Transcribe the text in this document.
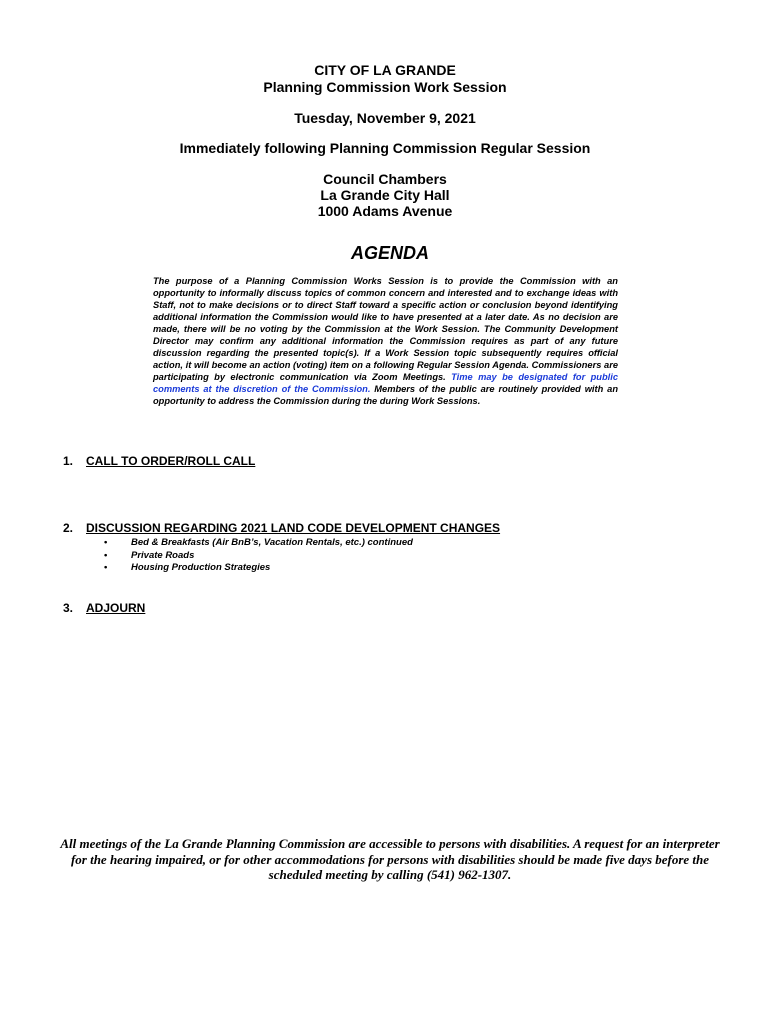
CITY OF LA GRANDE
Planning Commission Work Session
Tuesday, November 9, 2021
Immediately following Planning Commission Regular Session
Council Chambers
La Grande City Hall
1000 Adams Avenue
AGENDA
The purpose of a Planning Commission Works Session is to provide the Commission with an opportunity to informally discuss topics of common concern and interested and to exchange ideas with Staff, not to make decisions or to direct Staff toward a specific action or conclusion beyond identifying additional information the Commission would like to have presented at a later date. As no decision are made, there will be no voting by the Commission at the Work Session. The Community Development Director may confirm any additional information the Commission requires as part of any future discussion regarding the presented topic(s). If a Work Session topic subsequently requires official action, it will become an action (voting) item on a following Regular Session Agenda. Commissioners are participating by electronic communication via Zoom Meetings. Time may be designated for public comments at the discretion of the Commission. Members of the public are routinely provided with an opportunity to address the Commission during the during Work Sessions.
1. CALL TO ORDER/ROLL CALL
2. DISCUSSION REGARDING 2021 LAND CODE DEVELOPMENT CHANGES
• Bed & Breakfasts (Air BnB’s, Vacation Rentals, etc.) continued
• Private Roads
• Housing Production Strategies
3. ADJOURN
All meetings of the La Grande Planning Commission are accessible to persons with disabilities. A request for an interpreter for the hearing impaired, or for other accommodations for persons with disabilities should be made five days before the scheduled meeting by calling (541) 962-1307.
